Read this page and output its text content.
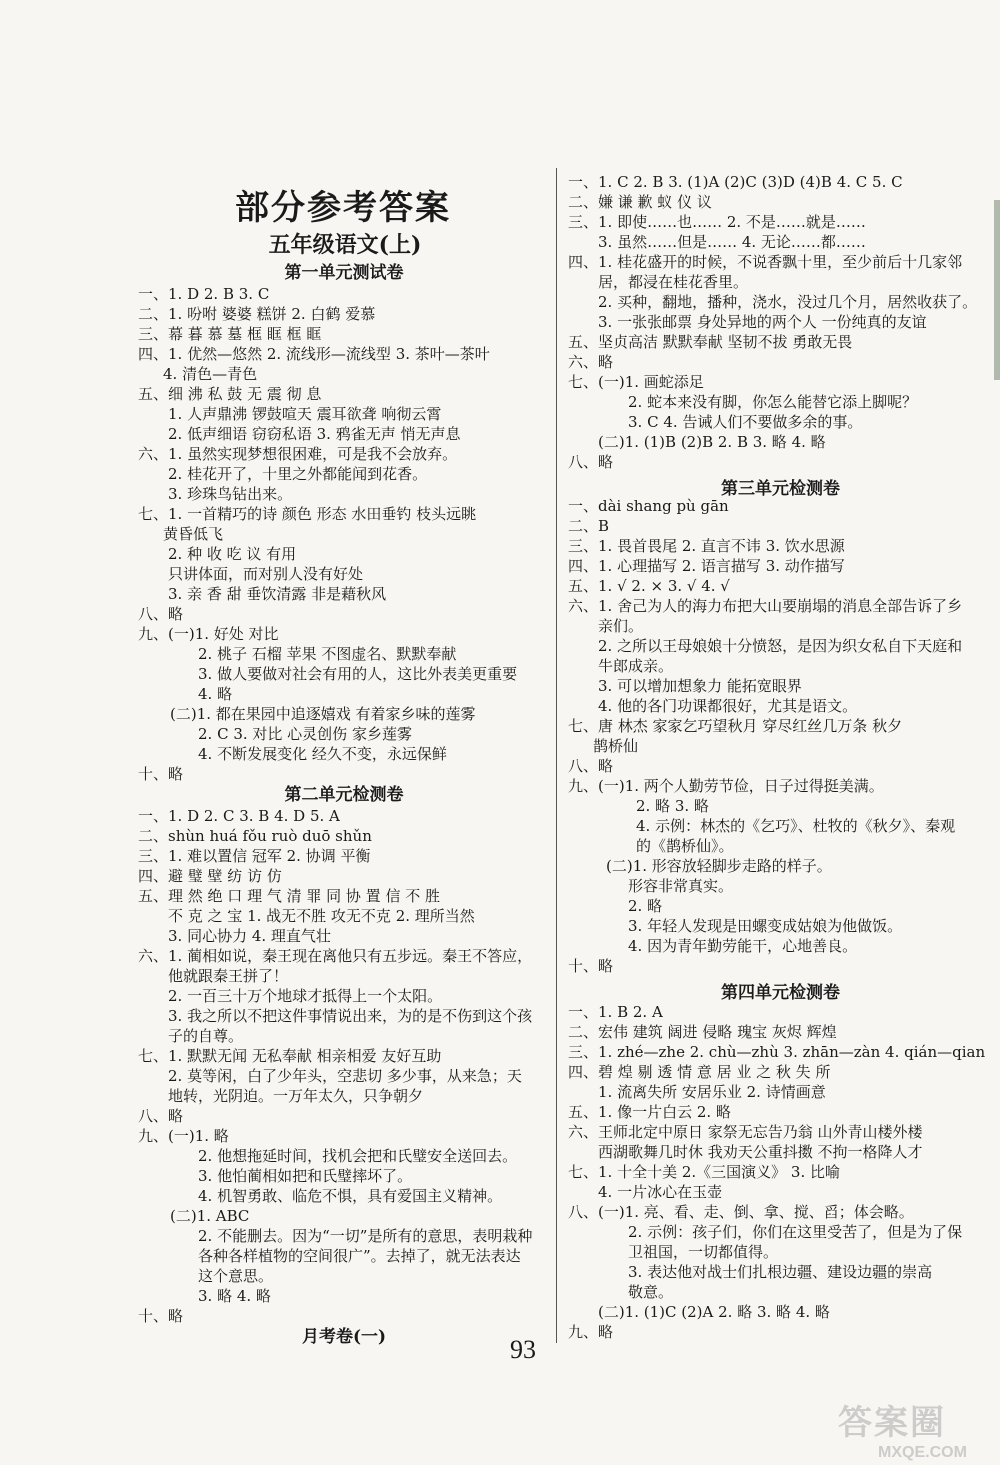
部分参考答案
五年级语文(上)
第一单元测试卷
一、1. D 2. B 3. C
二、1. 吩咐 婆婆 糕饼 2. 白鹤 爱慕
三、幕 暮 慕 墓 框 眶 框 眶
四、1. 优然—悠然 2. 流线形—流线型 3. 茶叶—茶叶
4. 清色—青色
五、细 沸 私 鼓 无 震 彻 息
1. 人声鼎沸 锣鼓喧天 震耳欲聋 响彻云霄
2. 低声细语 窃窃私语 3. 鸦雀无声 悄无声息
六、1. 虽然实现梦想很困难，可是我不会放弃。
2. 桂花开了，十里之外都能闻到花香。
3. 珍珠鸟钻出来。
七、1. 一首精巧的诗 颜色 形态 水田垂钓 枝头远眺
黄昏低飞
2. 种 收 吃 议 有用
只讲体面，而对别人没有好处
3. 亲 香 甜 垂饮清露 非是藉秋风
八、略
九、(一)1. 好处 对比
2. 桃子 石榴 苹果 不图虚名、默默奉献
3. 做人要做对社会有用的人，这比外表美更重要
4. 略
(二)1. 都在果园中追逐嬉戏 有着家乡味的莲雾
2. C 3. 对比 心灵创伤 家乡莲雾
4. 不断发展变化 经久不变，永远保鲜
十、略
第二单元检测卷
一、1. D 2. C 3. B 4. D 5. A
二、shùn huá fǒu ruò duō shǔn
三、1. 难以置信 冠军 2. 协调 平衡
四、避 璧 壁 纺 访 仿
五、理 然 绝 口 理 气 清 罪 同 协 置 信 不 胜
不 克 之 宝 1. 战无不胜 攻无不克 2. 理所当然
3. 同心协力 4. 理直气壮
六、1. 蔺相如说，秦王现在离他只有五步远。秦王不答应，
他就跟秦王拼了！
2. 一百三十万个地球才抵得上一个太阳。
3. 我之所以不把这件事情说出来，为的是不伤到这个孩
子的自尊。
七、1. 默默无闻 无私奉献 相亲相爱 友好互助
2. 莫等闲，白了少年头，空悲切 多少事，从来急；天
地转，光阴迫。一万年太久，只争朝夕
八、略
九、(一)1. 略
2. 他想拖延时间，找机会把和氏璧安全送回去。
3. 他怕蔺相如把和氏璧摔坏了。
4. 机智勇敢、临危不惧，具有爱国主义精神。
(二)1. ABC
2. 不能删去。因为“一切”是所有的意思，表明栽种
各种各样植物的空间很广”。去掉了，就无法表达
这个意思。
3. 略 4. 略
十、略
月考卷(一)
一、1. C 2. B 3. (1)A (2)C (3)D (4)B 4. C 5. C
二、嫌 谦 歉 蚁 仪 议
三、1. 即使……也…… 2. 不是……就是……
3. 虽然……但是…… 4. 无论……都……
四、1. 桂花盛开的时候，不说香飘十里，至少前后十几家邻
居，都浸在桂花香里。
2. 买种，翻地，播种，浇水，没过几个月，居然收获了。
3. 一张张邮票 身处异地的两个人 一份纯真的友谊
五、坚贞高洁 默默奉献 坚韧不拔 勇敢无畏
六、略
七、(一)1. 画蛇添足
2. 蛇本来没有脚，你怎么能替它添上脚呢？
3. C 4. 告诫人们不要做多余的事。
(二)1. (1)B (2)B 2. B 3. 略 4. 略
八、略
第三单元检测卷
一、dài shang pù gān
二、B
三、1. 畏首畏尾 2. 直言不讳 3. 饮水思源
四、1. 心理描写 2. 语言描写 3. 动作描写
五、1. √ 2. × 3. √ 4. √
六、1. 舍己为人的海力布把大山要崩塌的消息全部告诉了乡
亲们。
2. 之所以王母娘娘十分愤怒，是因为织女私自下天庭和
牛郎成亲。
3. 可以增加想象力 能拓宽眼界
4. 他的各门功课都很好，尤其是语文。
七、唐 林杰 家家乞巧望秋月 穿尽红丝几万条 秋夕
鹊桥仙
八、略
九、(一)1. 两个人勤劳节俭，日子过得挺美满。
2. 略 3. 略
4. 示例：林杰的《乞巧》、杜牧的《秋夕》、秦观
的《鹊桥仙》。
(二)1. 形容放轻脚步走路的样子。
形容非常真实。
2. 略
3. 年轻人发现是田螺变成姑娘为他做饭。
4. 因为青年勤劳能干，心地善良。
十、略
第四单元检测卷
一、1. B 2. A
二、宏伟 建筑 阔进 侵略 瑰宝 灰烬 辉煌
三、1. zhé—zhe 2. chù—zhù 3. zhān—zàn 4. qián—qian
四、碧 煌 剔 透 情 意 居 业 之 秋 失 所
1. 流离失所 安居乐业 2. 诗情画意
五、1. 像一片白云 2. 略
六、王师北定中原日 家祭无忘告乃翁 山外青山楼外楼
西湖歌舞几时休 我劝天公重抖擞 不拘一格降人才
七、1. 十全十美 2.《三国演义》 3. 比喻
4. 一片冰心在玉壶
八、(一)1. 亮、看、走、倒、拿、搅、舀；体会略。
2. 示例：孩子们，你们在这里受苦了，但是为了保
卫祖国，一切都值得。
3. 表达他对战士们扎根边疆、建设边疆的崇高
敬意。
(二)1. (1)C (2)A 2. 略 3. 略 4. 略
九、略
93
答案圈
MXQE.COM
